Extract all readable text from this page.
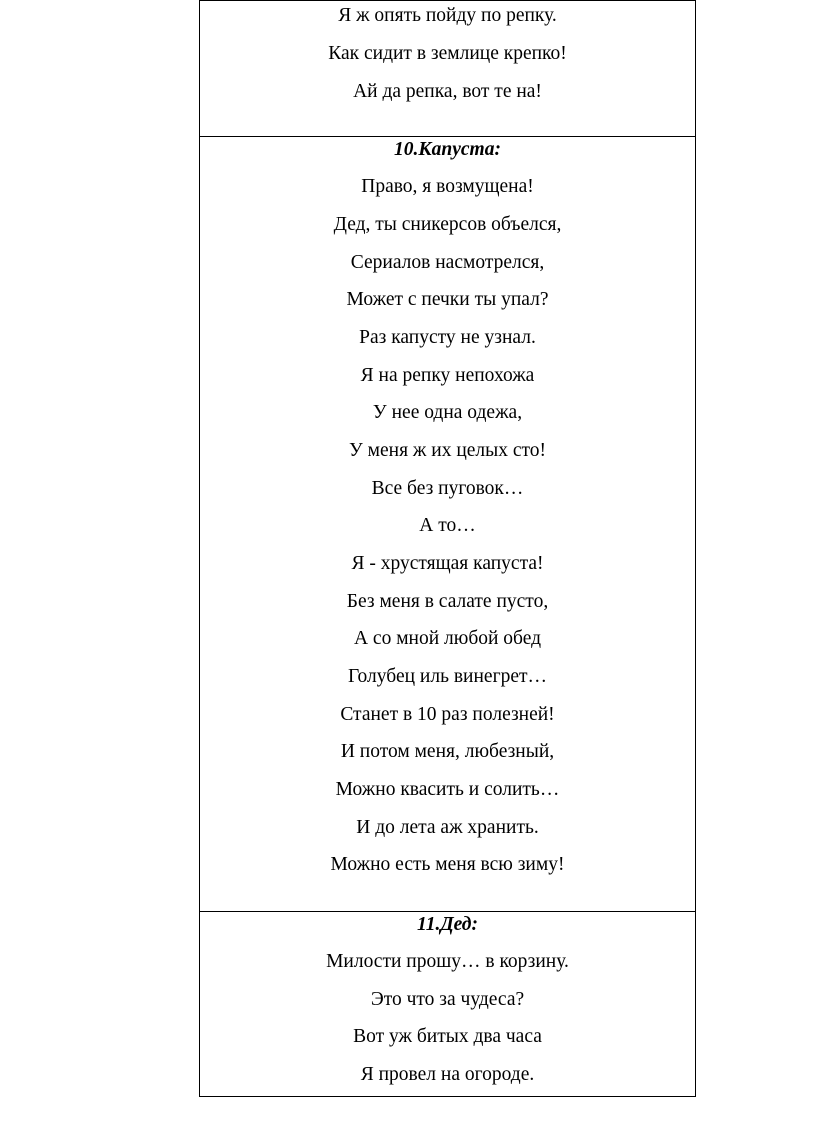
Я ж опять пойду по репку.
Как сидит в землице крепко!
Ай да репка, вот те на!
10.Капуста:
Право, я возмущена!
Дед, ты сникерсов объелся,
Сериалов насмотрелся,
Может с печки ты упал?
Раз капусту не узнал.
Я на репку непохожа
У нее одна одежа,
У меня ж их целых сто!
Все без пуговок…
А то…
Я - хрустящая капуста!
Без меня в салате пусто,
А со мной любой обед
Голубец иль винегрет…
Станет в 10 раз полезней!
И потом меня, любезный,
Можно квасить и солить…
И до лета аж хранить.
Можно есть меня всю зиму!
11.Дед:
Милости прошу… в корзину.
Это что за чудеса?
Вот уж битых два часа
Я провел на огороде.
